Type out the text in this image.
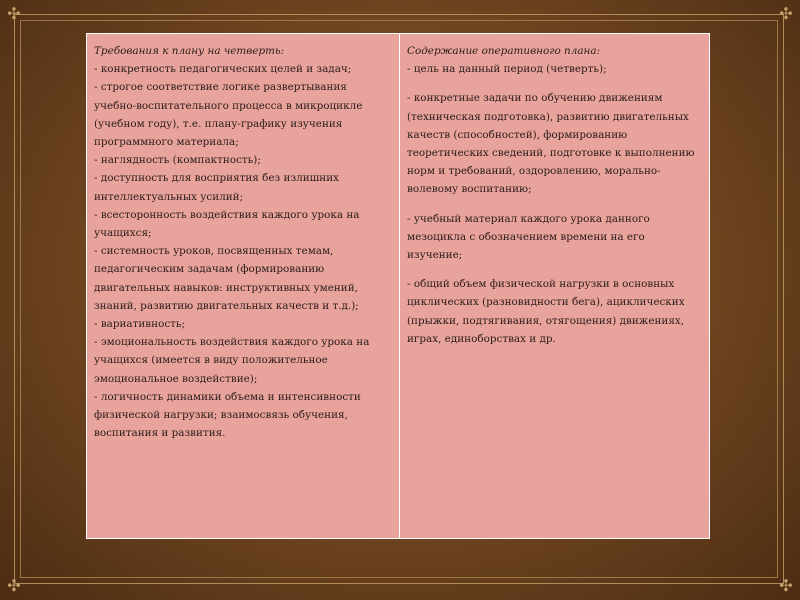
✣	✣
✣	✣

Требования к плану на четверть:

- конкретность педагогических целей и задач;

- строгое соответствие логике развертывания учебно-воспитательного процесса в микроцикле (учебном году), т.е. плану-графику изучения программного материала;

- наглядность (компактность);

- доступность для восприятия без излишних интеллектуальных усилий;

- всесторонность воздействия каждого урока на учащихся;

- системность уроков, посвященных темам, педагогическим задачам (формированию двигательных навыков: инструктивных умений, знаний, развитию двигательных качеств и т.д.);

- вариативность;

- эмоциональность воздействия каждого урока на учащихся (имеется в виду положительное эмоциональное воздействие);

- логичность динамики объема и интенсивности физической нагрузки; взаимосвязь обучения, воспитания и развития.

Содержание оперативного плана:

- цель на данный период (четверть);

- конкретные задачи по обучению движениям (техническая подготовка), развитию двигательных качеств (способностей), формированию теоретических сведений, подготовке к выполнению норм и требований, оздоровлению, морально-волевому воспитанию;

- учебный материал каждого урока данного мезоцикла с обозначением времени на его изучение;

- общий объем физической нагрузки в основных циклических (разновидности бега), ациклических (прыжки, подтягивания, отягощения) движениях, играх, единоборствах и др.
